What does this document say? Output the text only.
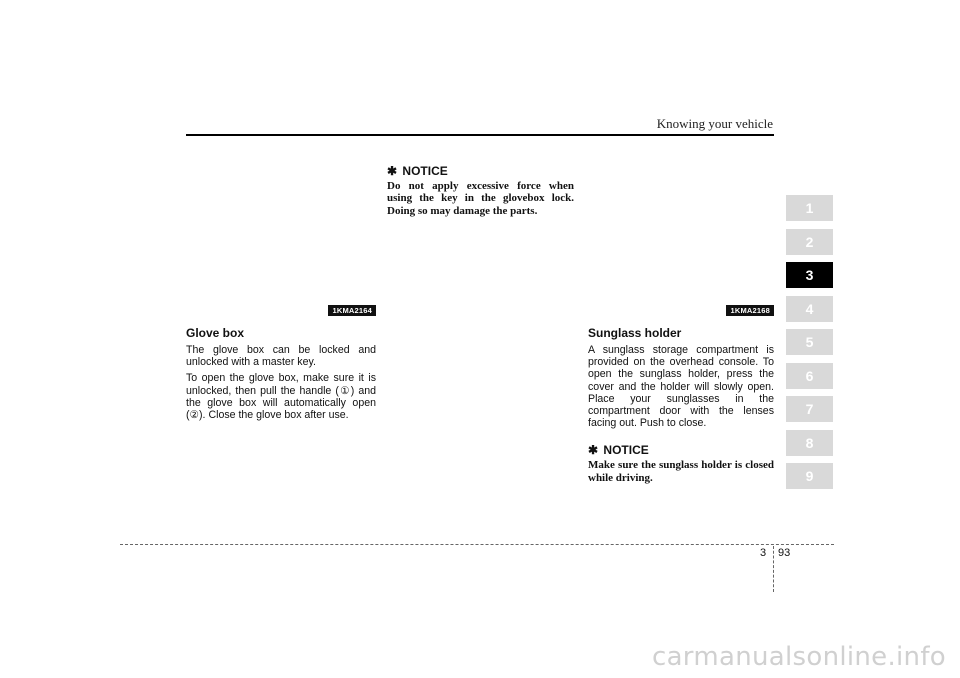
Knowing your vehicle
1KMA2164
Glove box

The glove box can be locked and unlocked with a master key.

To open the glove box, make sure it is unlocked, then pull the handle (①) and the glove box will automatically open (②). Close the glove box after use.

✱ NOTICE

Do not apply excessive force when using the key in the glovebox lock. Doing so may damage the parts.

1KMA2168
Sunglass holder

A sunglass storage compartment is provided on the overhead console. To open the sunglass holder, press the cover and the holder will slowly open. Place your sunglasses in the compartment door with the lenses facing out. Push to close.

✱ NOTICE

Make sure the sunglass holder is closed while driving.

1
2
3
4
5
6
7
8
9
3 93
carmanualsonline.info
